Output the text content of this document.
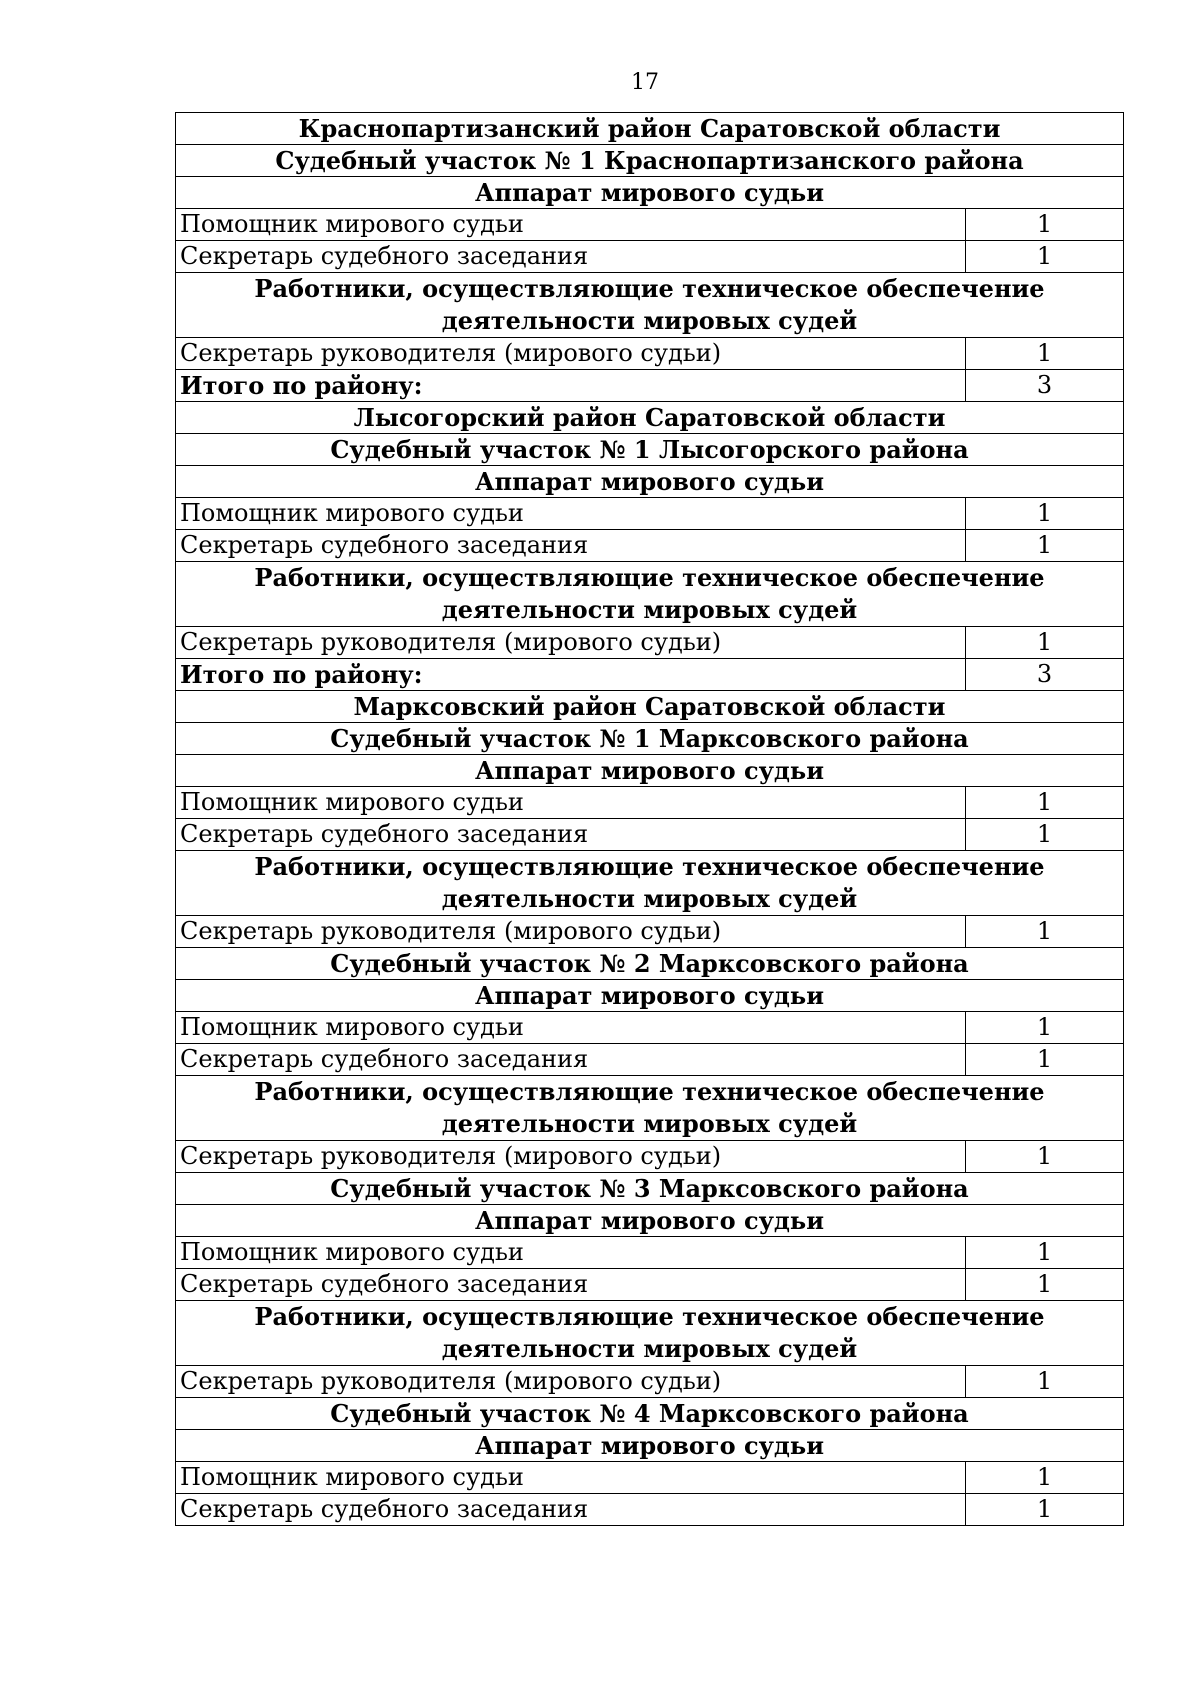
17
Краснопартизанский район Саратовской области	
Судебный участок № 1 Краснопартизанского района	
Аппарат мирового судьи	
Помощник мирового судьи	1
Секретарь судебного заседания	1
Работники, осуществляющие техническое обеспечение деятельности мировых судей	
Секретарь руководителя (мирового судьи)	1
Итого по району:	3
Лысогорский район Саратовской области	
Судебный участок № 1 Лысогорского района	
Аппарат мирового судьи	
Помощник мирового судьи	1
Секретарь судебного заседания	1
Работники, осуществляющие техническое обеспечение деятельности мировых судей	
Секретарь руководителя (мирового судьи)	1
Итого по району:	3
Марксовский район Саратовской области	
Судебный участок № 1 Марксовского района	
Аппарат мирового судьи	
Помощник мирового судьи	1
Секретарь судебного заседания	1
Работники, осуществляющие техническое обеспечение деятельности мировых судей	
Секретарь руководителя (мирового судьи)	1
Судебный участок № 2 Марксовского района	
Аппарат мирового судьи	
Помощник мирового судьи	1
Секретарь судебного заседания	1
Работники, осуществляющие техническое обеспечение деятельности мировых судей	
Секретарь руководителя (мирового судьи)	1
Судебный участок № 3 Марксовского района	
Аппарат мирового судьи	
Помощник мирового судьи	1
Секретарь судебного заседания	1
Работники, осуществляющие техническое обеспечение деятельности мировых судей	
Секретарь руководителя (мирового судьи)	1
Судебный участок № 4 Марксовского района	
Аппарат мирового судьи	
Помощник мирового судьи	1
Секретарь судебного заседания	1
